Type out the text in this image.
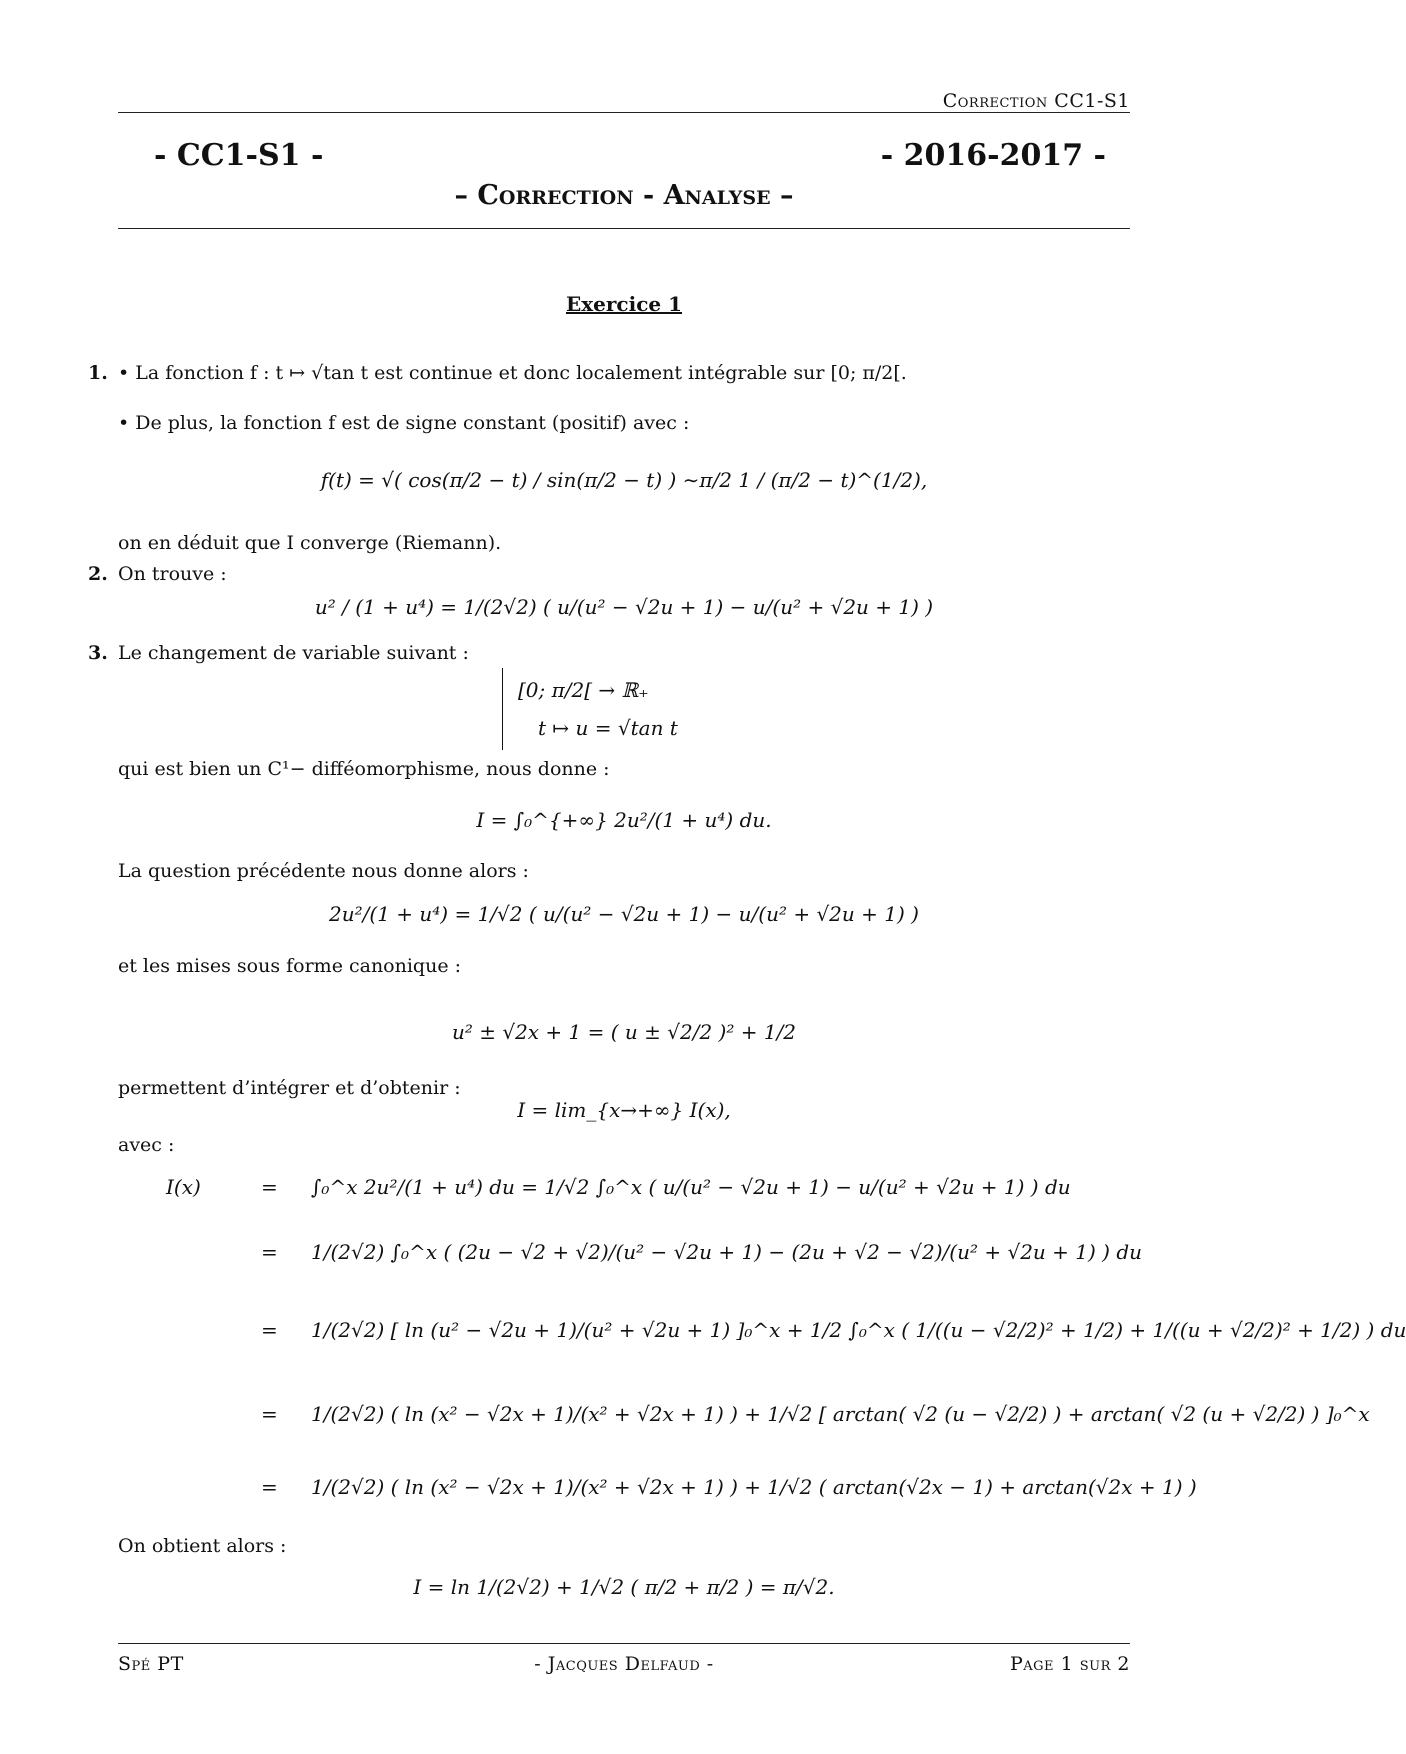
Correction CC1-S1
- CC1-S1 -	- 2016-2017 -
– Correction - Analyse –
Exercice 1
1. • La fonction f : t ↦ √tan t est continue et donc localement intégrable sur [0; π/2[.
• De plus, la fonction f est de signe constant (positif) avec :
f(t) = √( cos(π/2 − t) / sin(π/2 − t) ) ∼π/2 1 / (π/2 − t)^(1/2),
on en déduit que I converge (Riemann).
2. On trouve :
u² / (1 + u⁴) = 1/(2√2) ( u/(u² − √2u + 1) − u/(u² + √2u + 1) )
3. Le changement de variable suivant :
[0; π/2[ → ℝ₊
t ↦ u = √tan t
qui est bien un C¹− difféomorphisme, nous donne :
I = ∫₀^{+∞} 2u²/(1 + u⁴) du.
La question précédente nous donne alors :
2u²/(1 + u⁴) = 1/√2 ( u/(u² − √2u + 1) − u/(u² + √2u + 1) )
et les mises sous forme canonique :
u² ± √2x + 1 = ( u ± √2/2 )² + 1/2
permettent d’intégrer et d’obtenir :
I = lim_{x→+∞} I(x),
avec :
I(x)	= ∫₀^x 2u²/(1 + u⁴) du = 1/√2 ∫₀^x ( u/(u² − √2u + 1) − u/(u² + √2u + 1) ) du
= 1/(2√2) ∫₀^x ( (2u − √2 + √2)/(u² − √2u + 1) − (2u + √2 − √2)/(u² + √2u + 1) ) du
= 1/(2√2) [ ln (u² − √2u + 1)/(u² + √2u + 1) ]₀^x + 1/2 ∫₀^x ( 1/((u − √2/2)² + 1/2) + 1/((u + √2/2)² + 1/2) ) du
= 1/(2√2) ( ln (x² − √2x + 1)/(x² + √2x + 1) ) + 1/√2 [ arctan( √2 (u − √2/2) ) + arctan( √2 (u + √2/2) ) ]₀^x
= 1/(2√2) ( ln (x² − √2x + 1)/(x² + √2x + 1) ) + 1/√2 ( arctan(√2x − 1) + arctan(√2x + 1) )
On obtient alors :
I = ln 1/(2√2) + 1/√2 ( π/2 + π/2 ) = π/√2.
Spé PT	- Jacques Delfaud -	Page 1 sur 2
